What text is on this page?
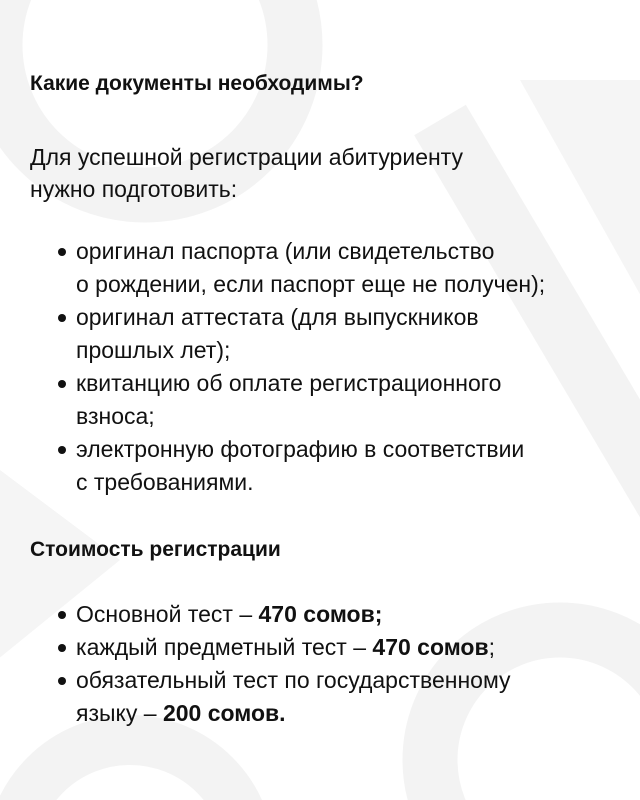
Какие документы необходимы?

Для успешной регистрации абитуриенту
нужно подготовить:

оригинал паспорта (или свидетельство
о рождении, если паспорт еще не получен);
оригинал аттестата (для выпускников
прошлых лет);
квитанцию об оплате регистрационного
взноса;
электронную фотографию в соответствии
с требованиями.
Стоимость регистрации
Основной тест – 470 сомов;
каждый предметный тест – 470 сомов;
обязательный тест по государственному
языку – 200 сомов.
